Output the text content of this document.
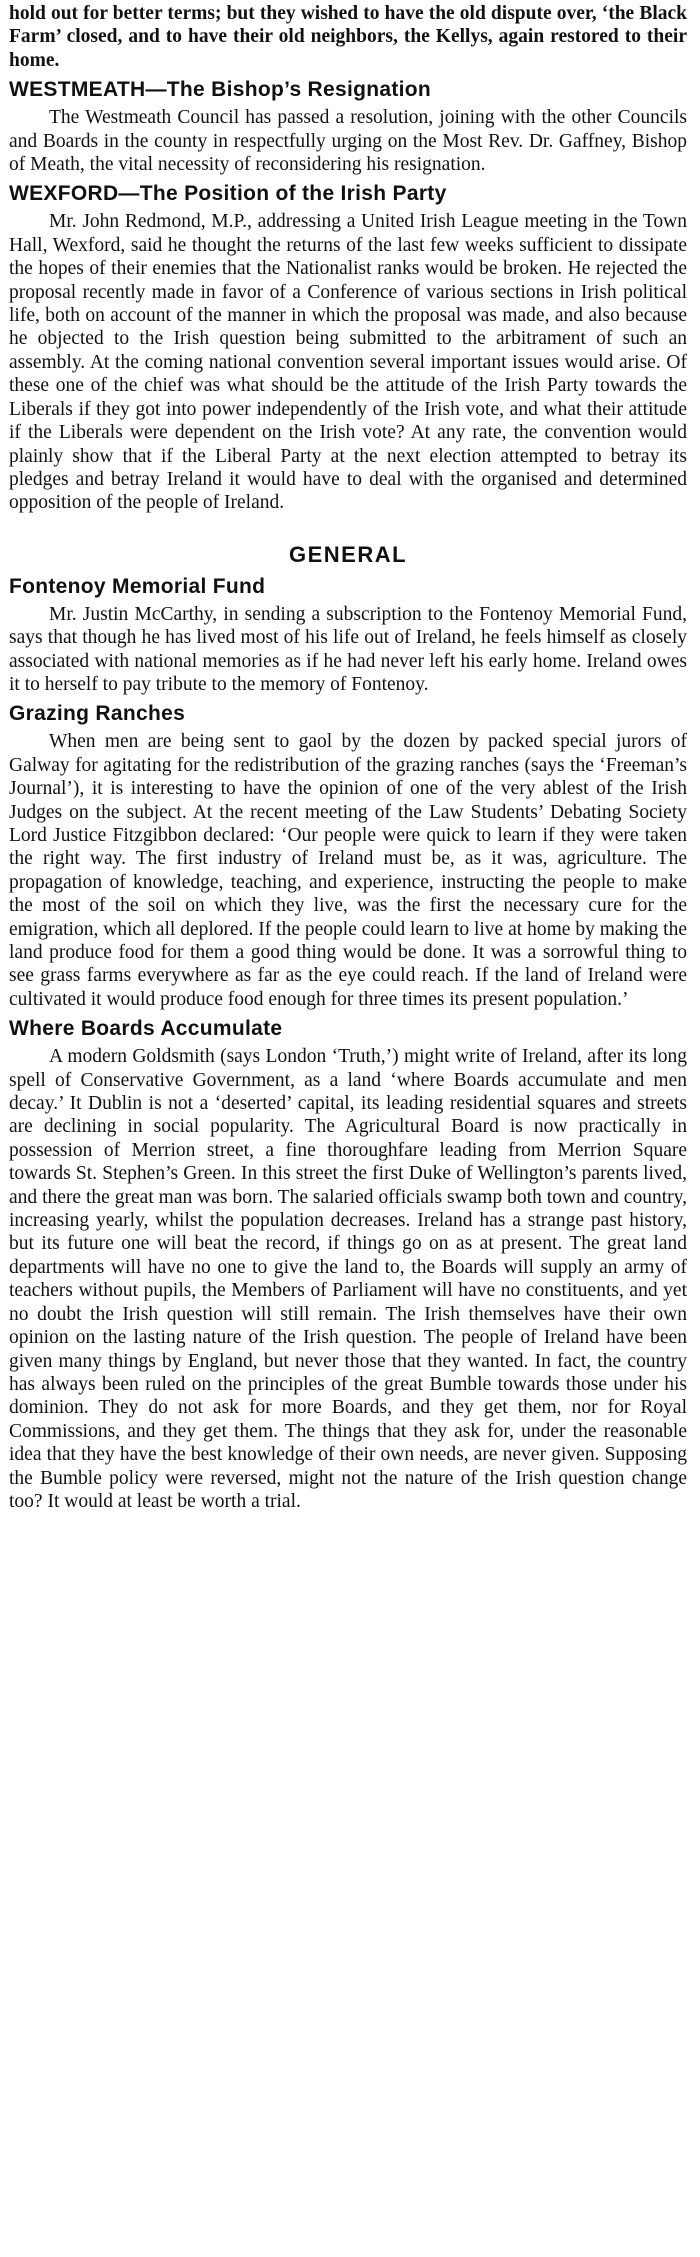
hold out for better terms; but they wished to have the old dispute over, ‘the Black Farm’ closed, and to have their old neighbors, the Kellys, again restored to their home.

WESTMEATH—The Bishop’s Resignation

The Westmeath Council has passed a resolution, joining with the other Councils and Boards in the county in respectfully urging on the Most Rev. Dr. Gaffney, Bishop of Meath, the vital necessity of reconsidering his resignation.

WEXFORD—The Position of the Irish Party

Mr. John Redmond, M.P., addressing a United Irish League meeting in the Town Hall, Wexford, said he thought the returns of the last few weeks sufficient to dissipate the hopes of their enemies that the Nationalist ranks would be broken. He rejected the proposal recently made in favor of a Conference of various sections in Irish political life, both on account of the manner in which the proposal was made, and also because he objected to the Irish question being submitted to the arbitrament of such an assembly. At the coming national convention several important issues would arise. Of these one of the chief was what should be the attitude of the Irish Party towards the Liberals if they got into power independently of the Irish vote, and what their attitude if the Liberals were dependent on the Irish vote? At any rate, the convention would plainly show that if the Liberal Party at the next election attempted to betray its pledges and betray Ireland it would have to deal with the organised and determined opposition of the people of Ireland.

GENERAL
Fontenoy Memorial Fund

Mr. Justin McCarthy, in sending a subscription to the Fontenoy Memorial Fund, says that though he has lived most of his life out of Ireland, he feels himself as closely associated with national memories as if he had never left his early home. Ireland owes it to herself to pay tribute to the memory of Fontenoy.

Grazing Ranches

When men are being sent to gaol by the dozen by packed special jurors of Galway for agitating for the redistribution of the grazing ranches (says the ‘Freeman’s Journal’), it is interesting to have the opinion of one of the very ablest of the Irish Judges on the subject. At the recent meeting of the Law Students’ Debating Society Lord Justice Fitzgibbon declared: ‘Our people were quick to learn if they were taken the right way. The first industry of Ireland must be, as it was, agriculture. The propagation of knowledge, teaching, and experience, instructing the people to make the most of the soil on which they live, was the first the necessary cure for the emigration, which all deplored. If the people could learn to live at home by making the land produce food for them a good thing would be done. It was a sorrowful thing to see grass farms everywhere as far as the eye could reach. If the land of Ireland were cultivated it would produce food enough for three times its present population.’

Where Boards Accumulate

A modern Goldsmith (says London ‘Truth,’) might write of Ireland, after its long spell of Conservative Government, as a land ‘where Boards accumulate and men decay.’ It Dublin is not a ‘deserted’ capital, its leading residential squares and streets are declining in social popularity. The Agricultural Board is now practically in possession of Merrion street, a fine thoroughfare leading from Merrion Square towards St. Stephen’s Green. In this street the first Duke of Wellington’s parents lived, and there the great man was born. The salaried officials swamp both town and country, increasing yearly, whilst the population decreases. Ireland has a strange past history, but its future one will beat the record, if things go on as at present. The great land departments will have no one to give the land to, the Boards will supply an army of teachers without pupils, the Members of Parliament will have no constituents, and yet no doubt the Irish question will still remain. The Irish themselves have their own opinion on the lasting nature of the Irish question. The people of Ireland have been given many things by England, but never those that they wanted. In fact, the country has always been ruled on the principles of the great Bumble towards those under his dominion. They do not ask for more Boards, and they get them, nor for Royal Commissions, and they get them. The things that they ask for, under the reasonable idea that they have the best knowledge of their own needs, are never given. Supposing the Bumble policy were reversed, might not the nature of the Irish question change too? It would at least be worth a trial.
